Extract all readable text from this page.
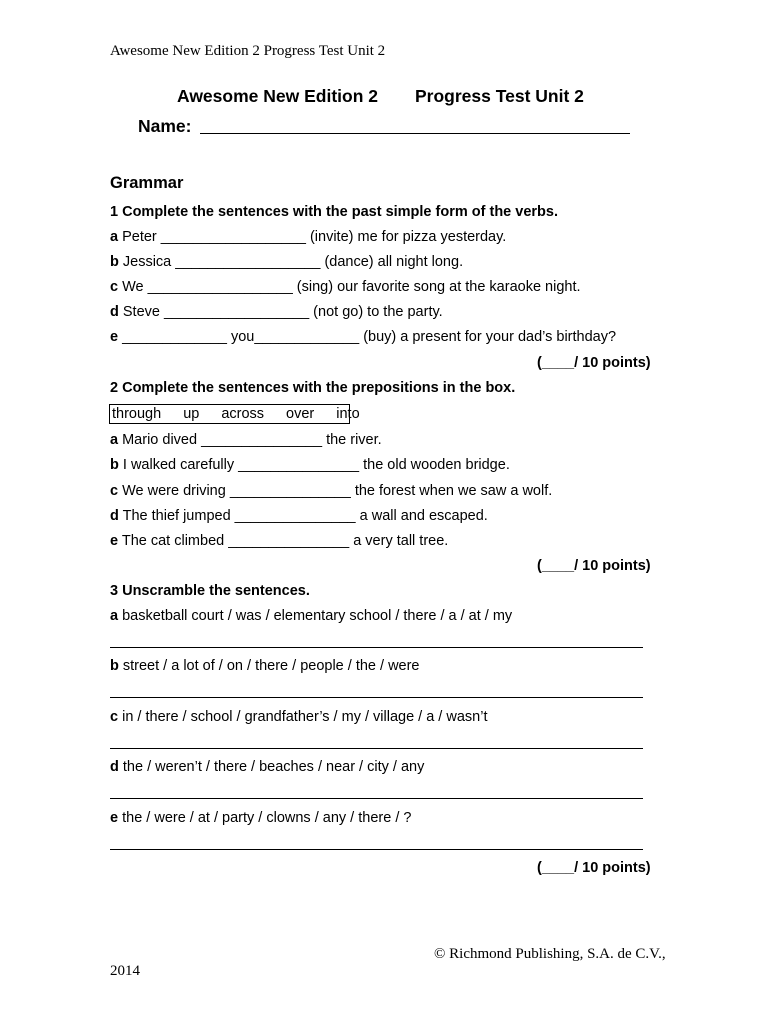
Awesome New Edition 2 Progress Test Unit 2
Awesome New Edition 2 Progress Test Unit 2
Name:
Grammar
1 Complete the sentences with the past simple form of the verbs.
a Peter __________________ (invite) me for pizza yesterday.
b Jessica __________________ (dance) all night long.
c We __________________ (sing) our favorite song at the karaoke night.
d Steve __________________ (not go) to the party.
e _____________ you_____________ (buy) a present for your dad’s birthday?
(____/ 10 points)
2 Complete the sentences with the prepositions in the box.
through up across over into
a Mario dived _______________ the river.
b I walked carefully _______________ the old wooden bridge.
c We were driving _______________ the forest when we saw a wolf.
d The thief jumped _______________ a wall and escaped.
e The cat climbed _______________ a very tall tree.
(____/ 10 points)
3 Unscramble the sentences.
a basketball court / was / elementary school / there / a / at / my
b street / a lot of / on / there / people / the / were
c in / there / school / grandfather’s / my / village / a / wasn’t
d the / weren’t / there / beaches / near / city / any
e the / were / at / party / clowns / any / there / ?
(____/ 10 points)
© Richmond Publishing, S.A. de C.V.,
2014
